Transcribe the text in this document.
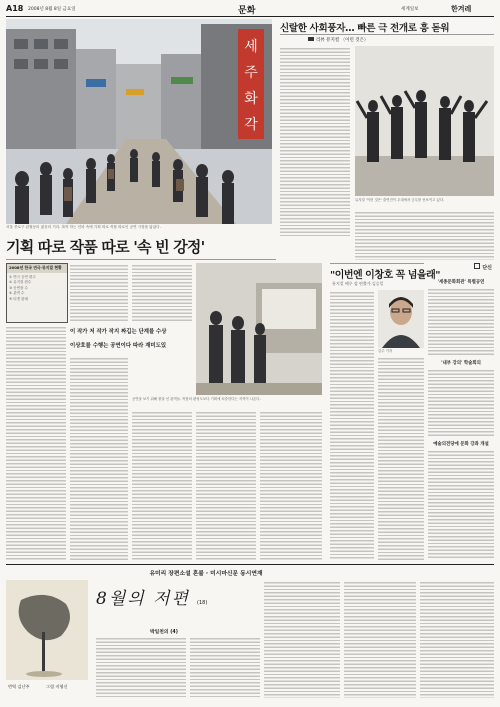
A18 2008년 8월 8일 금요일	문화	세계일보	한겨레
세
주
화
각
서울 종로구 관철동의 젊음의 거리. 복작 하는 인파 속에 기획 따로 작품 따로인 공연 시장을 닮았다.
신랄한 사회풍자… 빠른 극 전개로 흥 돋워
리뷰 뮤지컬 〈이런 것은〉
뮤지컬 '이런 것은' 출연진이 무대에서 군무를 선보이고 있다.
기획 따로 작품 따로 '속 빈 강정'
2008년 한국 연극·뮤지컬 현황
① 연극 공연 편수
② 뮤지컬 편수
③ 공연장 수
④ 관객 수
⑤ 티켓 판매
공연을 보기 위해 줄을 선 관객들. 작품의 완성도보다 기획에 치중한다는 지적이 나온다.
이 작가 저 작가 작지 짜깁는 단계를 수상
이상호를 수행는 공연이다 따라 재미도있
"이번엔 이창호 꼭 넘을래"
뮤지컬 배우 겸 연출가 김승일
김주 기자
단신
'세종문화회관' 특별공연
'내부 강의' 학술회의
예술의전당에 문화 강좌 개설
유미리 장편소설 혼불 · 미시마신문 동시연재
번역 김난주	그림 지영신
8월의 저편 (18)
박일천의 (4)
